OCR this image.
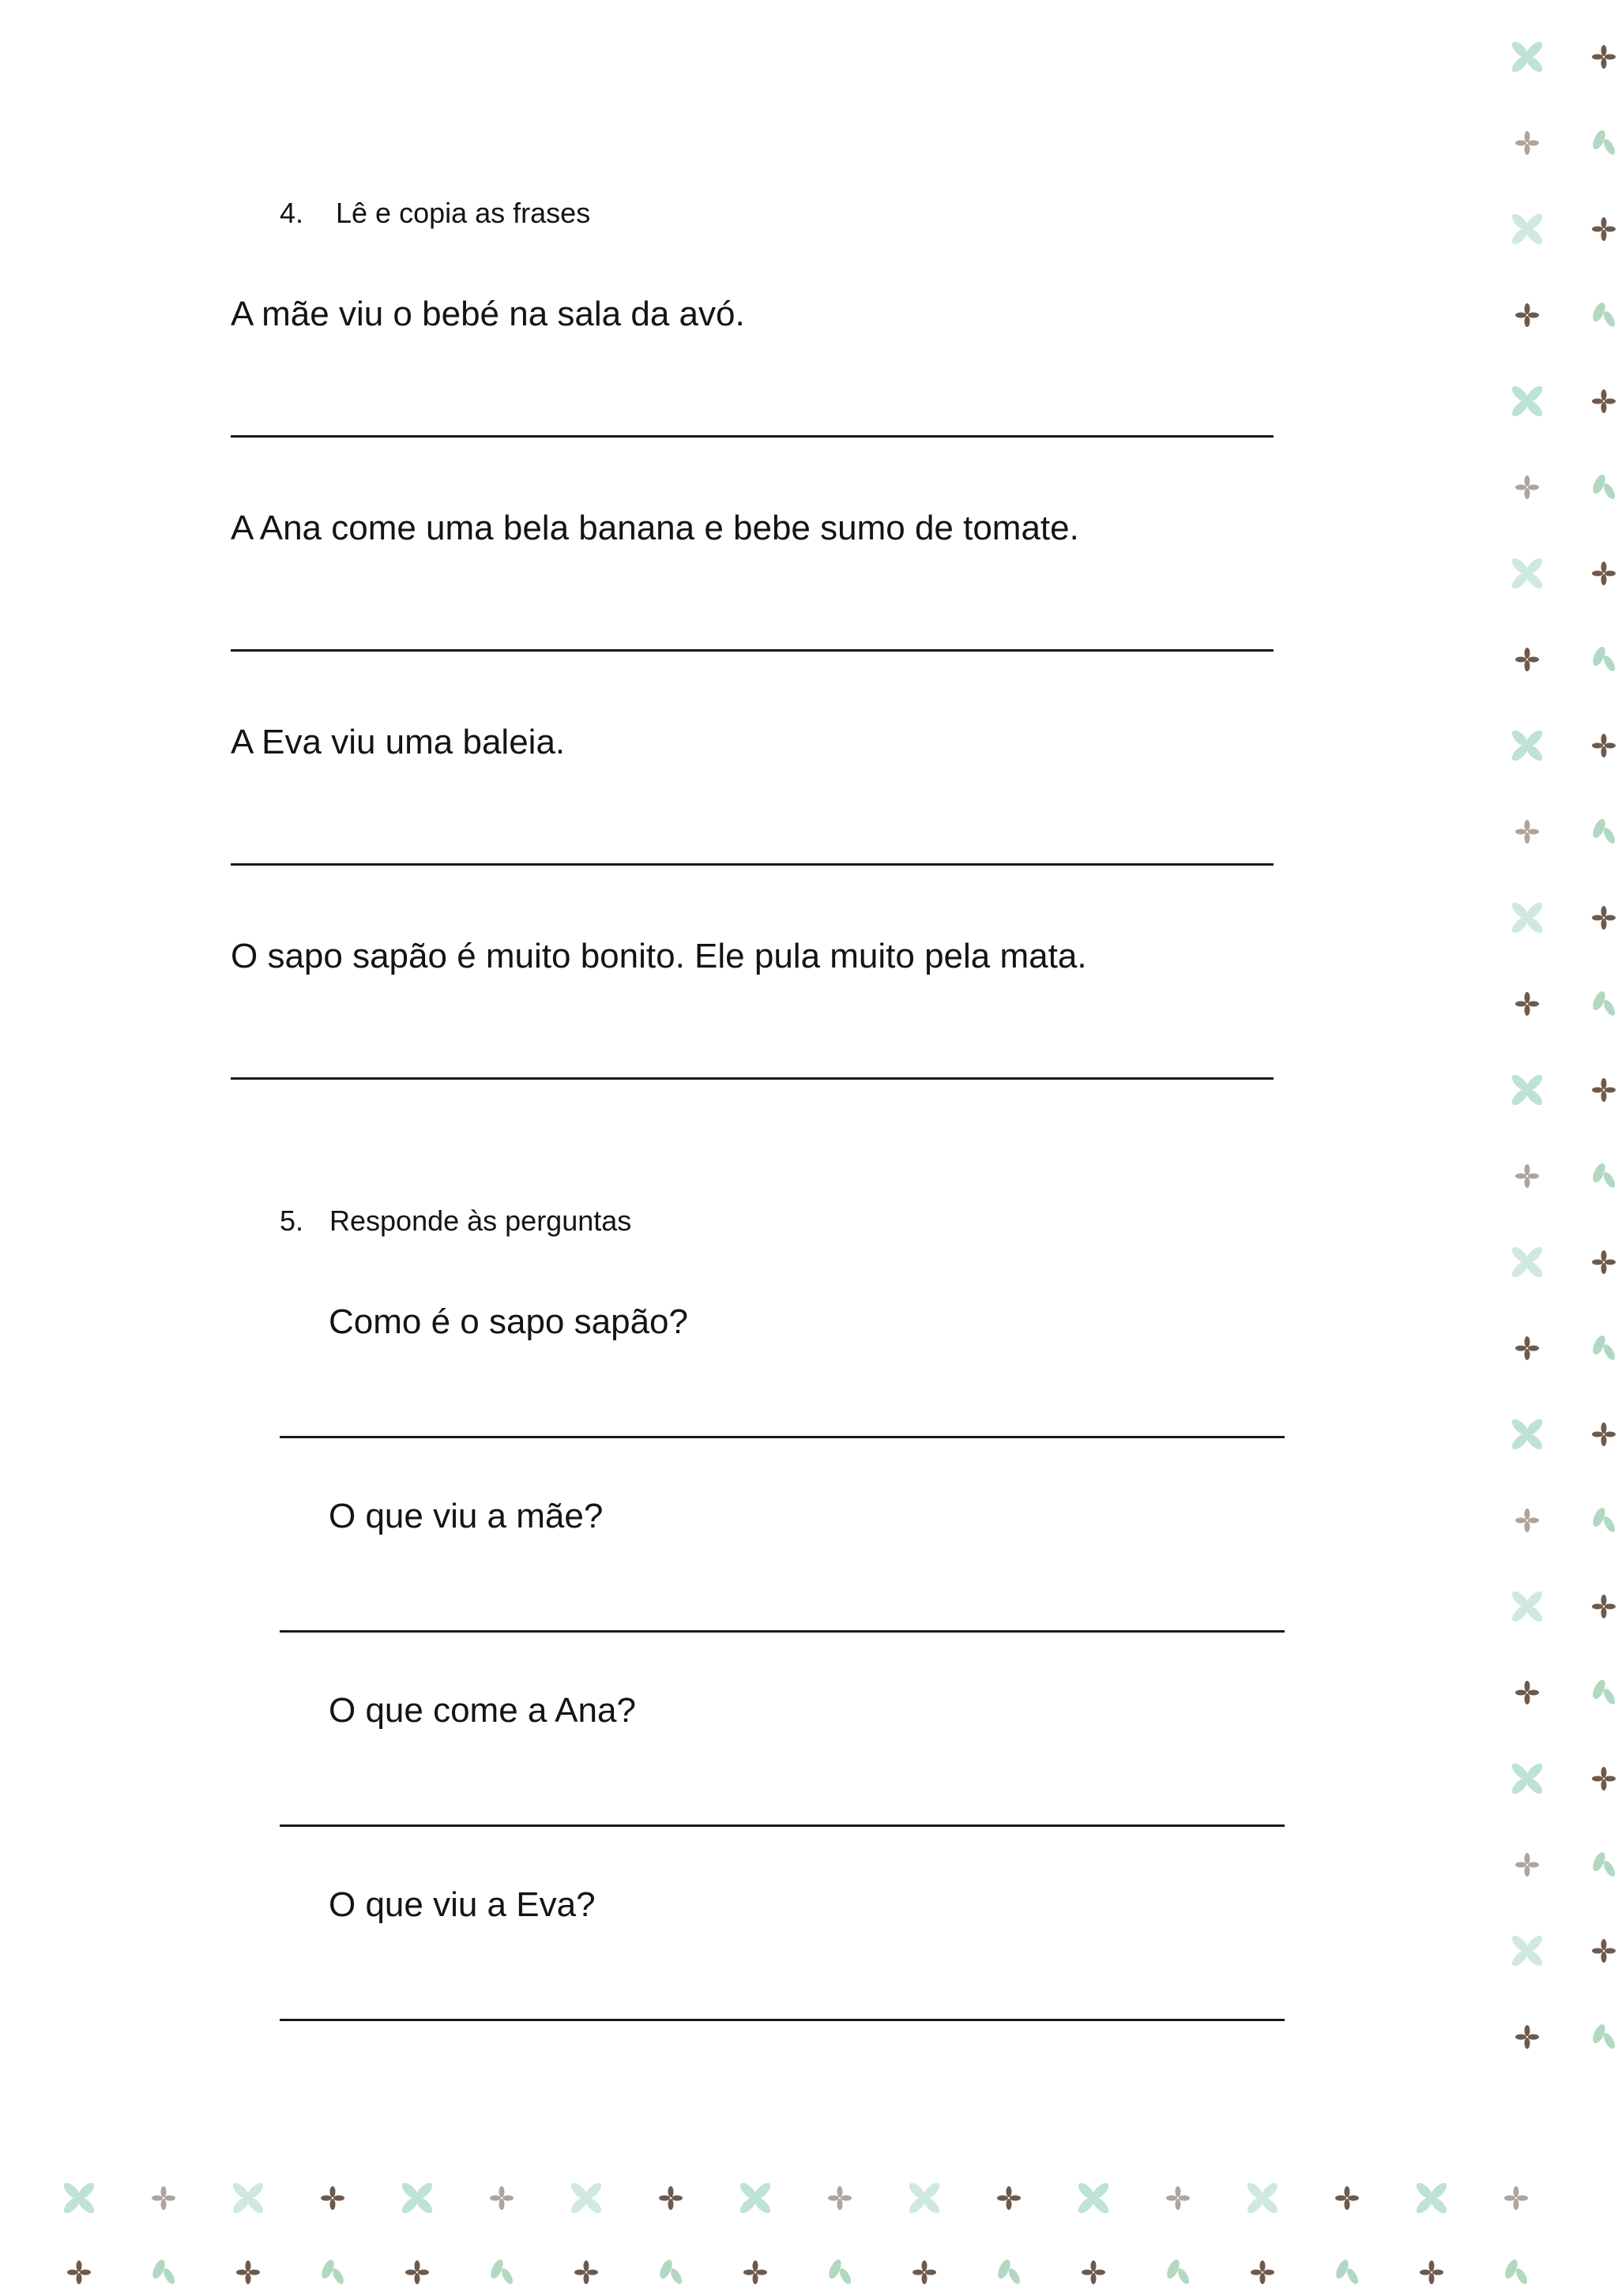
4. Lê e copia as frases
A mãe viu o bebé na sala da avó.
A Ana come uma bela banana e bebe sumo de tomate.
A Eva viu uma baleia.
O sapo sapão é muito bonito. Ele pula muito pela mata.
5. Responde às perguntas
Como é o sapo sapão?
O que viu a mãe?
O que come a Ana?
O que viu a Eva?
